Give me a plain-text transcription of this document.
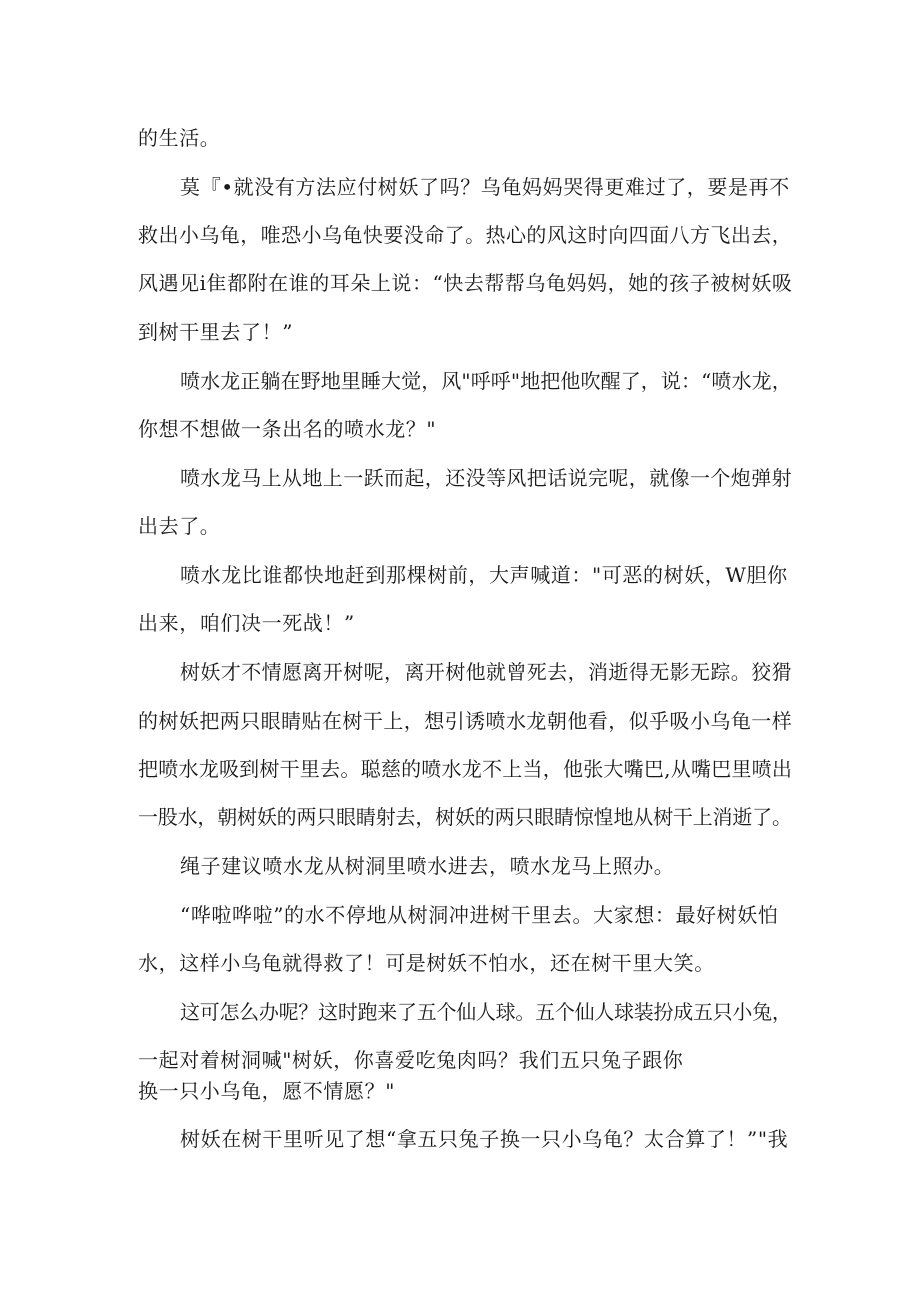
的生活。
莫『•就没有方法应付树妖了吗？乌龟妈妈哭得更难过了，要是再不
救出小乌龟，唯恐小乌龟快要没命了。热心的风这时向四面八方飞出去，
风遇见i隹都附在谁的耳朵上说：“快去帮帮乌龟妈妈，她的孩子被树妖吸
到树干里去了！”
喷水龙正躺在野地里睡大觉，风"呼呼"地把他吹醒了，说：“喷水龙，
你想不想做一条出名的喷水龙？"
喷水龙马上从地上一跃而起，还没等风把话说完呢，就像一个炮弹射
出去了。
喷水龙比谁都快地赶到那棵树前，大声喊道："可恶的树妖，W胆你
出来，咱们决一死战！”
树妖才不情愿离开树呢，离开树他就曾死去，消逝得无影无踪。狡猾
的树妖把两只眼睛贴在树干上，想引诱喷水龙朝他看，似乎吸小乌龟一样
把喷水龙吸到树干里去。聪慈的喷水龙不上当，他张大嘴巴,从嘴巴里喷出
一股水，朝树妖的两只眼睛射去，树妖的两只眼睛惊惶地从树干上消逝了。
绳子建议喷水龙从树洞里喷水进去，喷水龙马上照办。
“哗啦哗啦”的水不停地从树洞冲进树干里去。大家想：最好树妖怕
水，这样小乌龟就得救了！可是树妖不怕水，还在树干里大笑。
这可怎么办呢？这时跑来了五个仙人球。五个仙人球装扮成五只小兔，
一起对着树洞喊"树妖，你喜爱吃兔肉吗？我们五只兔子跟你
换一只小乌龟，愿不情愿？"
树妖在树干里听见了想“拿五只兔子换一只小乌龟？太合算了！”"我
